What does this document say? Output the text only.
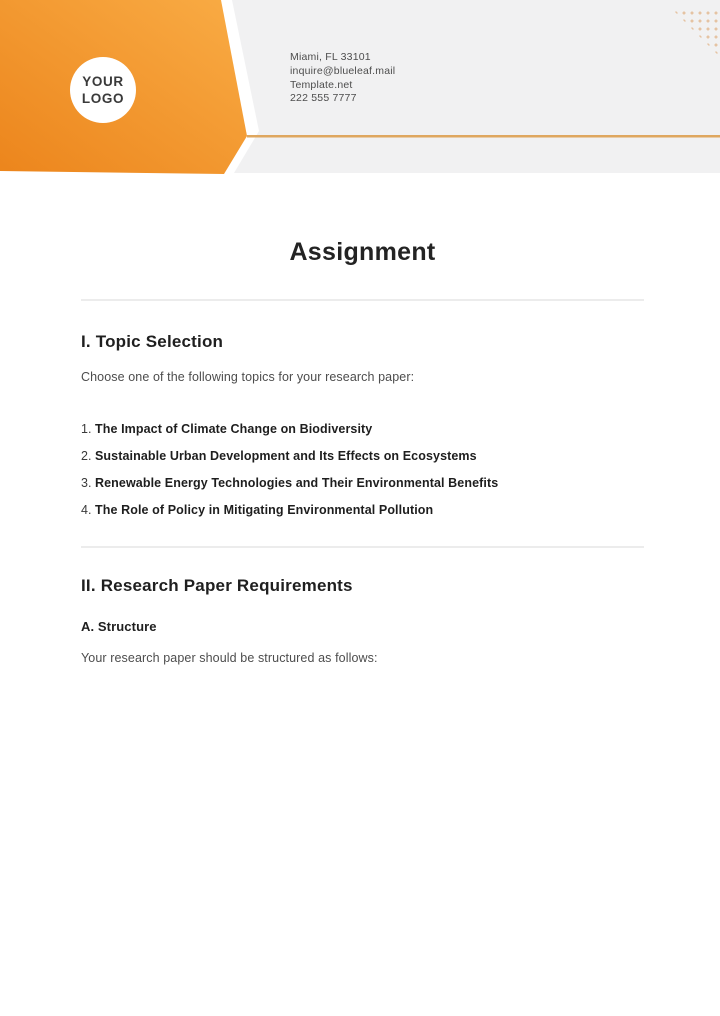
YOUR
LOGO
Miami, FL 33101
inquire@blueleaf.mail
Template.net
222 555 7777
Assignment
I. Topic Selection

Choose one of the following topics for your research paper:

1. The Impact of Climate Change on Biodiversity
2. Sustainable Urban Development and Its Effects on Ecosystems
3. Renewable Energy Technologies and Their Environmental Benefits
4. The Role of Policy in Mitigating Environmental Pollution
II. Research Paper Requirements
A. Structure

Your research paper should be structured as follows:
